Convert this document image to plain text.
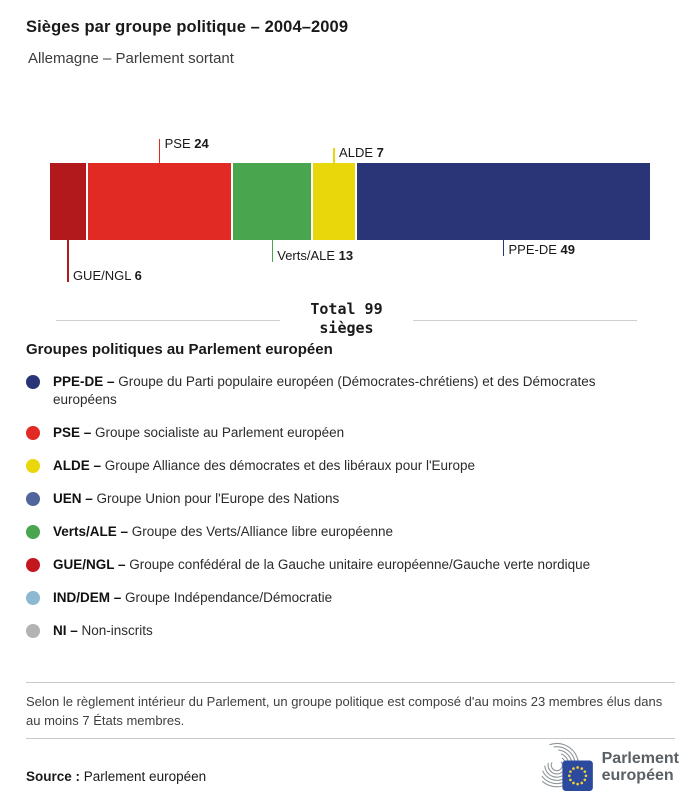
Sièges par groupe politique – 2004–2009
Allemagne – Parlement sortant
GUE/NGL 6
PSE 24
Verts/ALE 13
ALDE 7
PPE-DE 49
Total 99
sièges
Groupes politiques au Parlement européen
PPE-DE – Groupe du Parti populaire européen (Démocrates-chrétiens) et des Démocrates européens
PSE – Groupe socialiste au Parlement européen
ALDE – Groupe Alliance des démocrates et des libéraux pour l'Europe
UEN – Groupe Union pour l'Europe des Nations
Verts/ALE – Groupe des Verts/Alliance libre européenne
GUE/NGL – Groupe confédéral de la Gauche unitaire européenne/Gauche verte nordique
IND/DEM – Groupe Indépendance/Démocratie
NI – Non-inscrits
Selon le règlement intérieur du Parlement, un groupe politique est composé d'au moins 23 membres élus dans au moins 7 États membres.
Source : Parlement européen
Parlement
européen
